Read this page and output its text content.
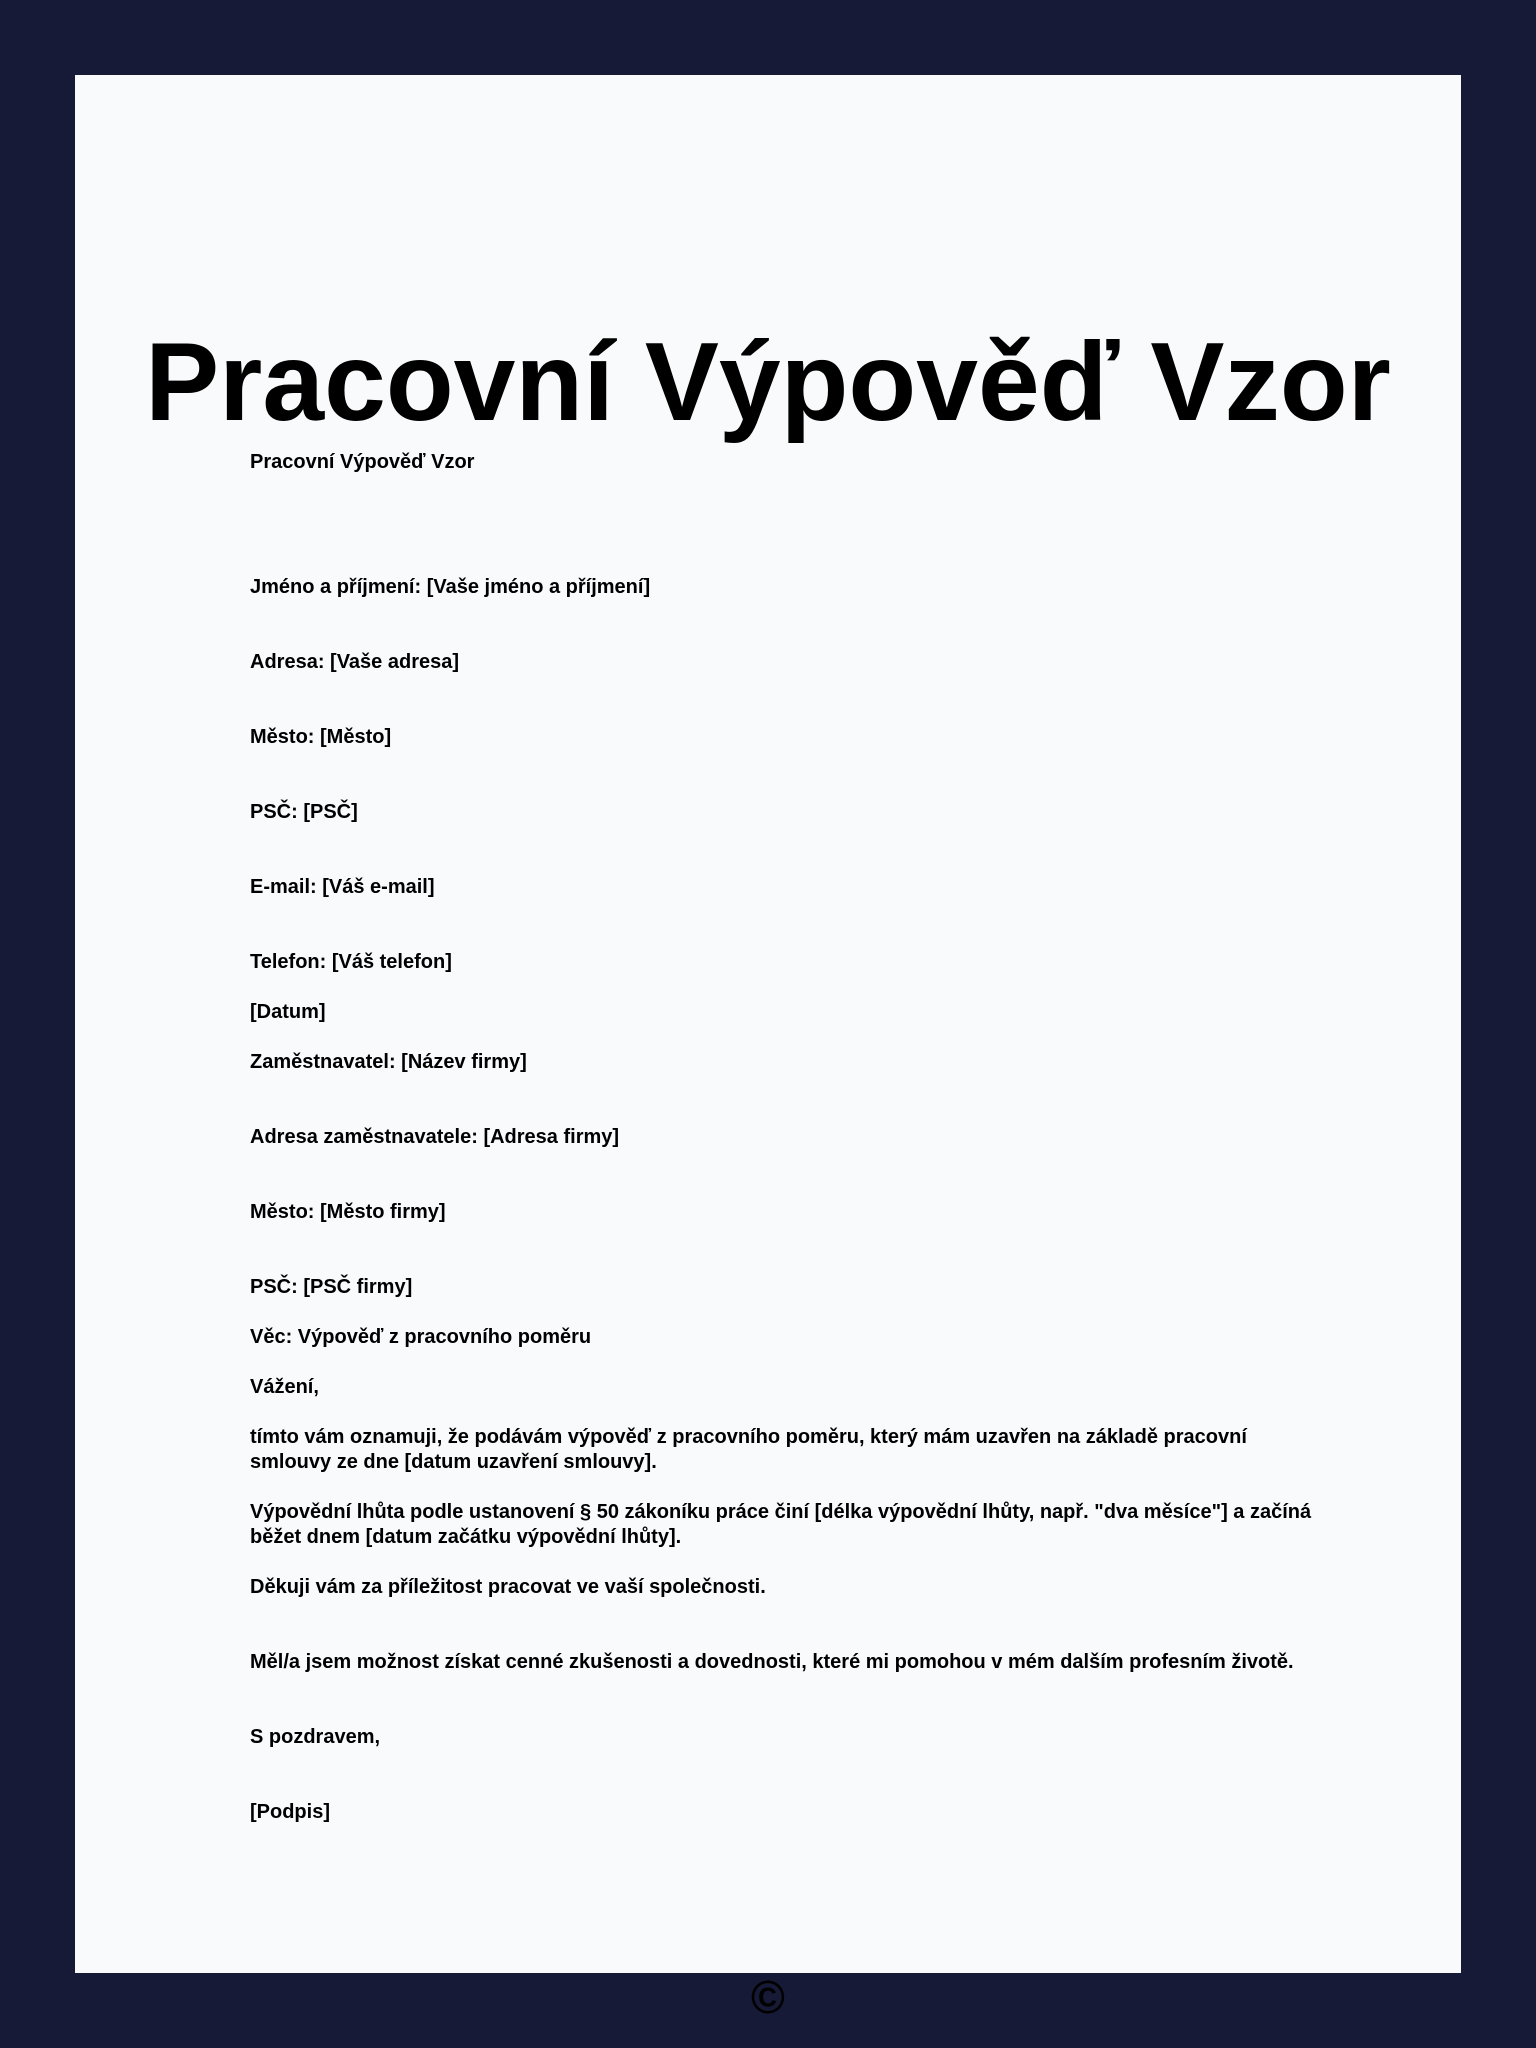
Pracovní Výpověď Vzor

Pracovní Výpověď Vzor

Jméno a příjmení: [Vaše jméno a příjmení]

Adresa: [Vaše adresa]

Město: [Město]

PSČ: [PSČ]

E-mail: [Váš e-mail]

Telefon: [Váš telefon]

[Datum]

Zaměstnavatel: [Název firmy]

Adresa zaměstnavatele: [Adresa firmy]

Město: [Město firmy]

PSČ: [PSČ firmy]

Věc: Výpověď z pracovního poměru

Vážení,

tímto vám oznamuji, že podávám výpověď z pracovního poměru, který mám uzavřen na základě pracovní smlouvy ze dne [datum uzavření smlouvy].

Výpovědní lhůta podle ustanovení § 50 zákoníku práce činí [délka výpovědní lhůty, např. "dva měsíce"] a začíná běžet dnem [datum začátku výpovědní lhůty].

Děkuji vám za příležitost pracovat ve vaší společnosti.

Měl/a jsem možnost získat cenné zkušenosti a dovednosti, které mi pomohou v mém dalším profesním životě.

S pozdravem,

[Podpis]

©
